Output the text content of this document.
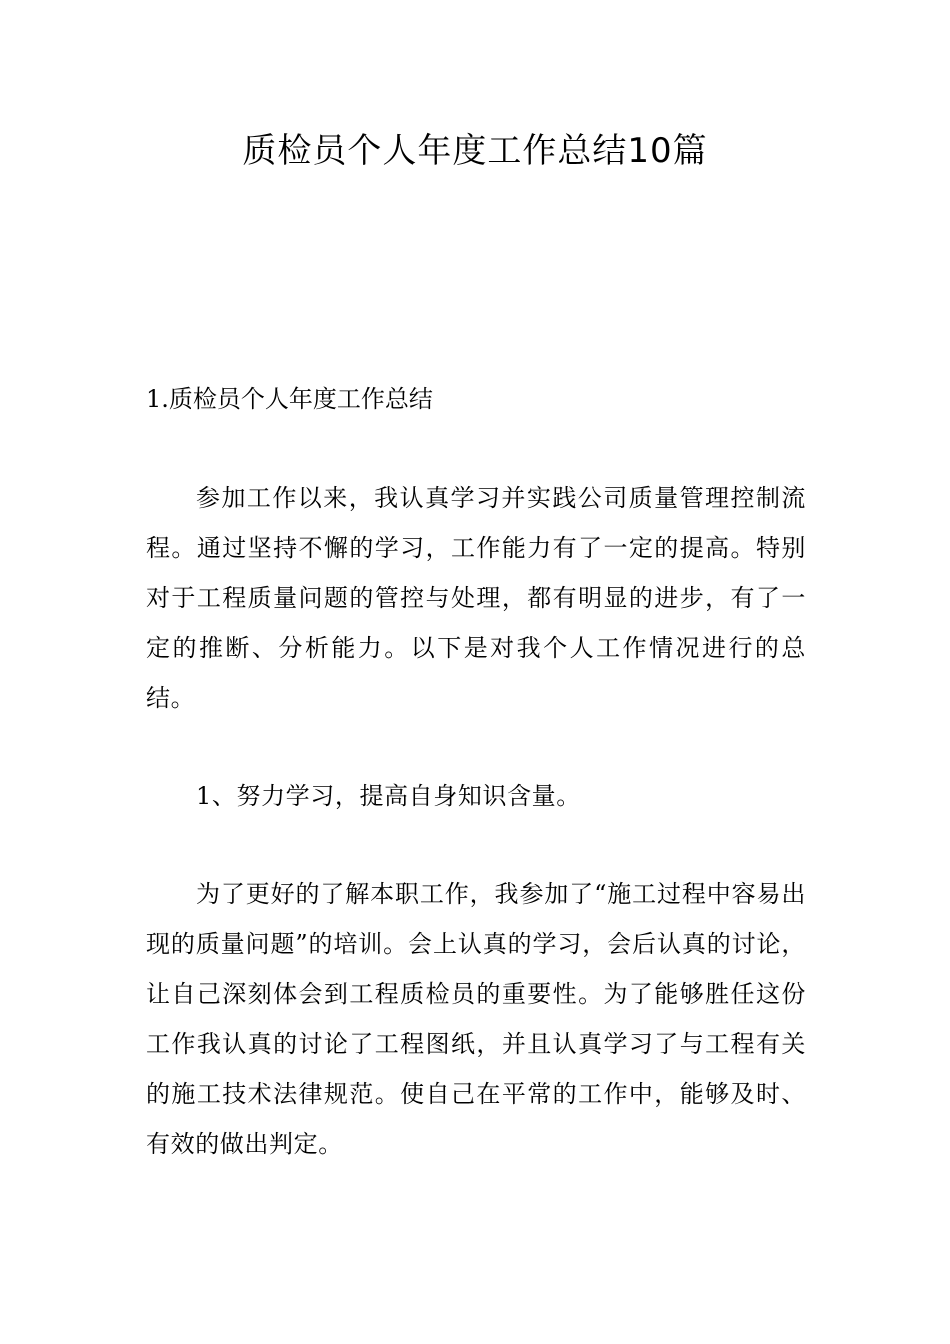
质检员个人年度工作总结10篇
1.质检员个人年度工作总结

参加工作以来，我认真学习并实践公司质量管理控制流程。通过坚持不懈的学习，工作能力有了一定的提高。特别对于工程质量问题的管控与处理，都有明显的进步，有了一定的推断、分析能力。以下是对我个人工作情况进行的总结。

1、努力学习，提高自身知识含量。

为了更好的了解本职工作，我参加了“施工过程中容易出现的质量问题”的培训。会上认真的学习，会后认真的讨论，让自己深刻体会到工程质检员的重要性。为了能够胜任这份工作我认真的讨论了工程图纸，并且认真学习了与工程有关的施工技术法律规范。使自己在平常的工作中，能够及时、有效的做出判定。
